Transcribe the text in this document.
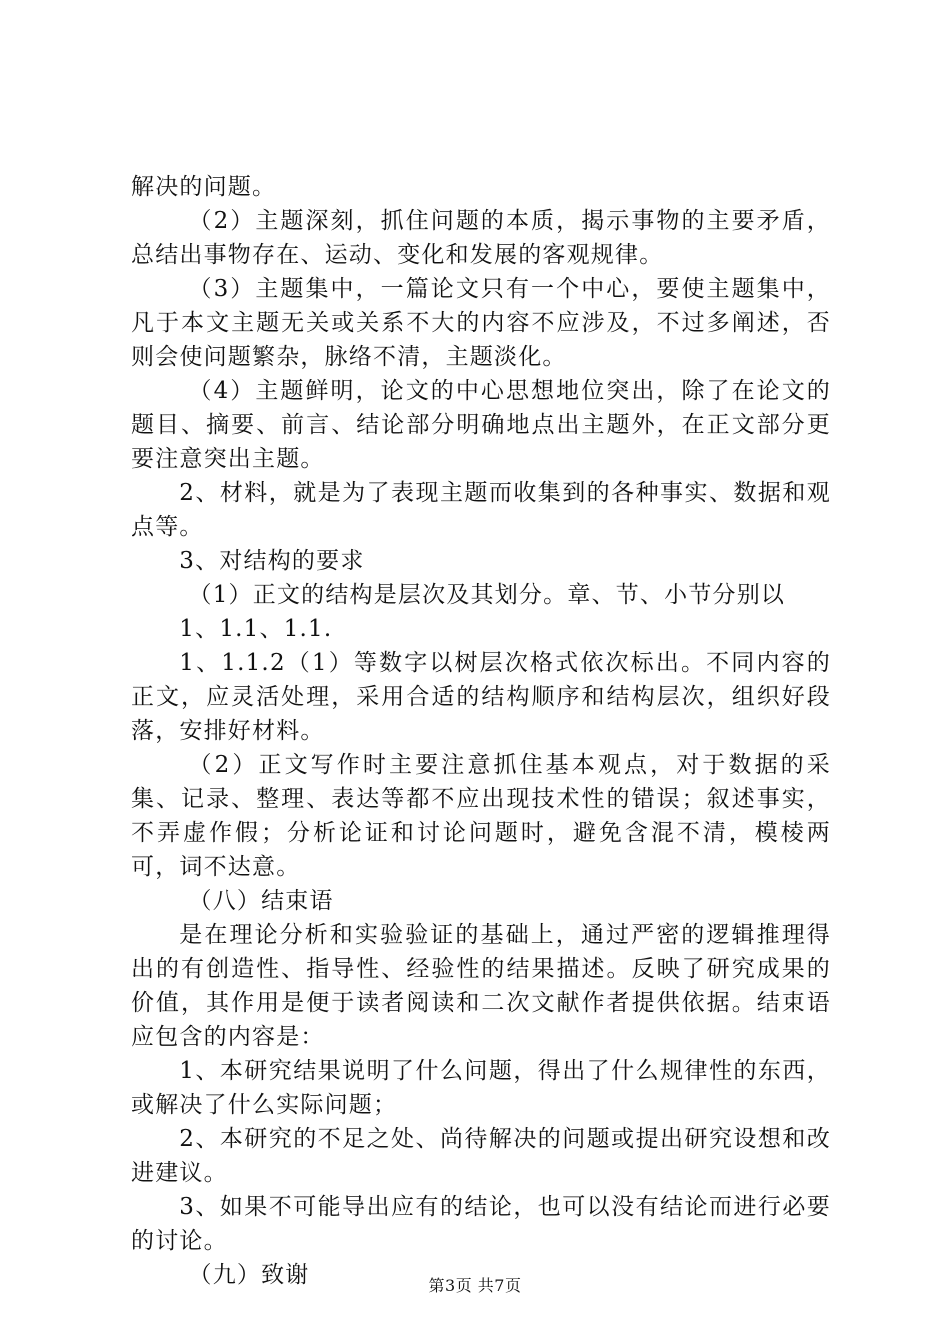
解决的问题。

（2）主题深刻，抓住问题的本质，揭示事物的主要矛盾，总结出事物存在、运动、变化和发展的客观规律。

（3）主题集中，一篇论文只有一个中心，要使主题集中，凡于本文主题无关或关系不大的内容不应涉及，不过多阐述，否则会使问题繁杂，脉络不清，主题淡化。

（4）主题鲜明，论文的中心思想地位突出，除了在论文的题目、摘要、前言、结论部分明确地点出主题外，在正文部分更要注意突出主题。

2、材料，就是为了表现主题而收集到的各种事实、数据和观点等。

3、对结构的要求

（1）正文的结构是层次及其划分。章、节、小节分别以

1、1.1、1.1.

1、1.1.2（1）等数字以树层次格式依次标出。不同内容的正文，应灵活处理，采用合适的结构顺序和结构层次，组织好段落，安排好材料。

（2）正文写作时主要注意抓住基本观点，对于数据的采集、记录、整理、表达等都不应出现技术性的错误；叙述事实，不弄虚作假；分析论证和讨论问题时，避免含混不清，模棱两可，词不达意。

（八）结束语

是在理论分析和实验验证的基础上，通过严密的逻辑推理得出的有创造性、指导性、经验性的结果描述。反映了研究成果的价值，其作用是便于读者阅读和二次文献作者提供依据。结束语应包含的内容是：

1、本研究结果说明了什么问题，得出了什么规律性的东西，或解决了什么实际问题；

2、本研究的不足之处、尚待解决的问题或提出研究设想和改进建议。

3、如果不可能导出应有的结论，也可以没有结论而进行必要的讨论。

（九）致谢	第3页 共7页
